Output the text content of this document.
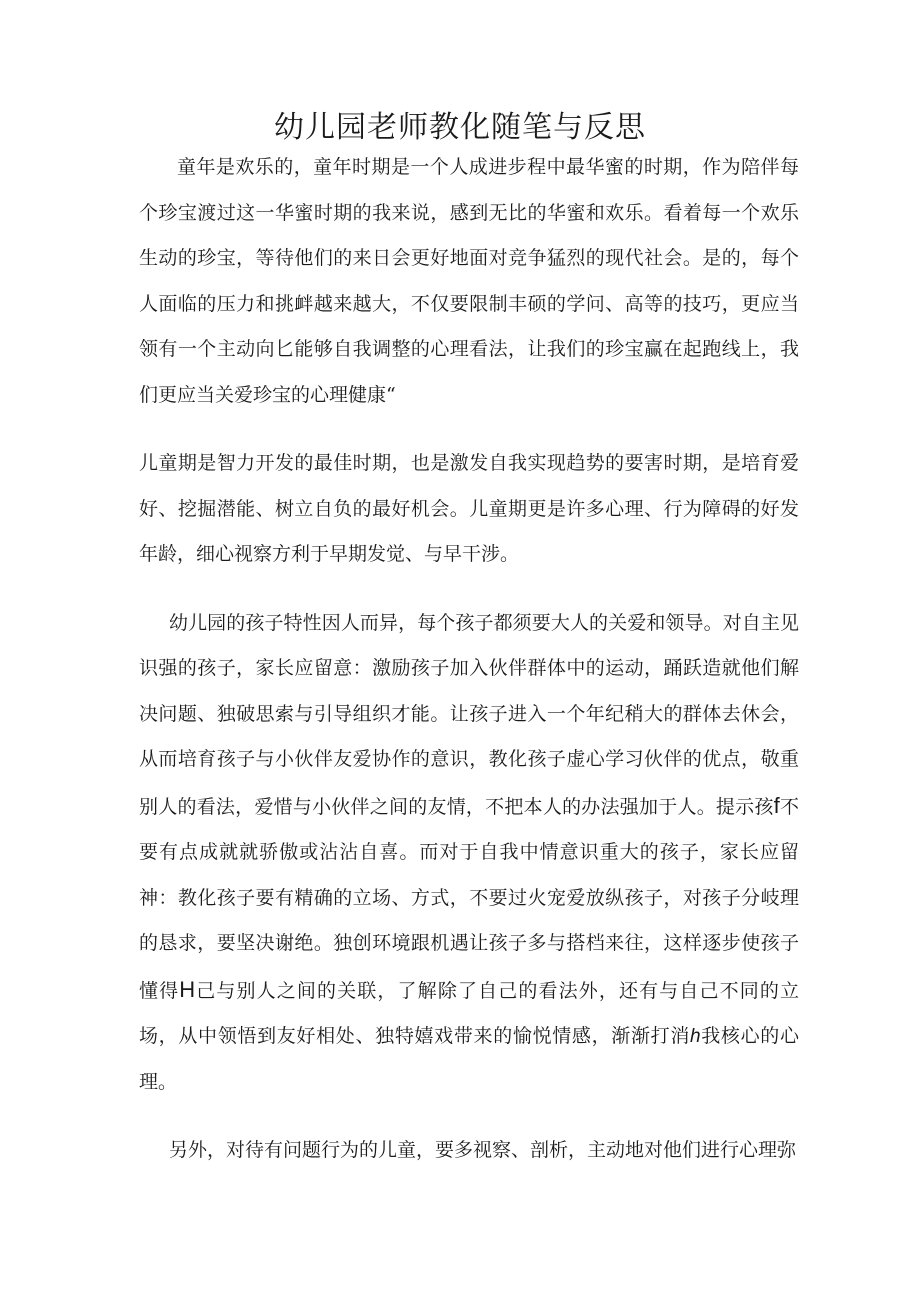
幼儿园老师教化随笔与反思

童年是欢乐的，童年时期是一个人成进步程中最华蜜的时期，作为陪伴每个珍宝渡过这一华蜜时期的我来说，感到无比的华蜜和欢乐。看着每一个欢乐生动的珍宝，等待他们的来日会更好地面对竞争猛烈的现代社会。是的，每个人面临的压力和挑衅越来越大，不仅要限制丰硕的学问、高等的技巧，更应当领有一个主动向匕能够自我调整的心理看法，让我们的珍宝赢在起跑线上，我们更应当关爱珍宝的心理健康“

儿童期是智力开发的最佳时期，也是激发自我实现趋势的要害时期，是培育爱好、挖掘潜能、树立自负的最好机会。儿童期更是许多心理、行为障碍的好发年龄，细心视察方利于早期发觉、与早干涉。

幼儿园的孩子特性因人而异，每个孩子都须要大人的关爱和领导。对自主见识强的孩子，家长应留意：激励孩子加入伙伴群体中的运动，踊跃造就他们解决问题、独破思索与引导组织才能。让孩子进入一个年纪稍大的群体去休会，从而培育孩子与小伙伴友爱协作的意识，教化孩子虚心学习伙伴的优点，敬重别人的看法，爱惜与小伙伴之间的友情，不把本人的办法强加于人。提示孩f不要有点成就就骄傲或沾沾自喜。而对于自我中情意识重大的孩子，家长应留神：教化孩子要有精确的立场、方式，不要过火宠爱放纵孩子，对孩子分岐理的恳求，要坚决谢绝。独创环境跟机遇让孩子多与搭档来往，这样逐步使孩子懂得H己与别人之间的关联，了解除了自己的看法外，还有与自己不同的立场，从中领悟到友好相处、独特嬉戏带来的愉悦情感，渐渐打消h我核心的心理。

另外，对待有问题行为的儿童，要多视察、剖析，主动地对他们进行心理弥
